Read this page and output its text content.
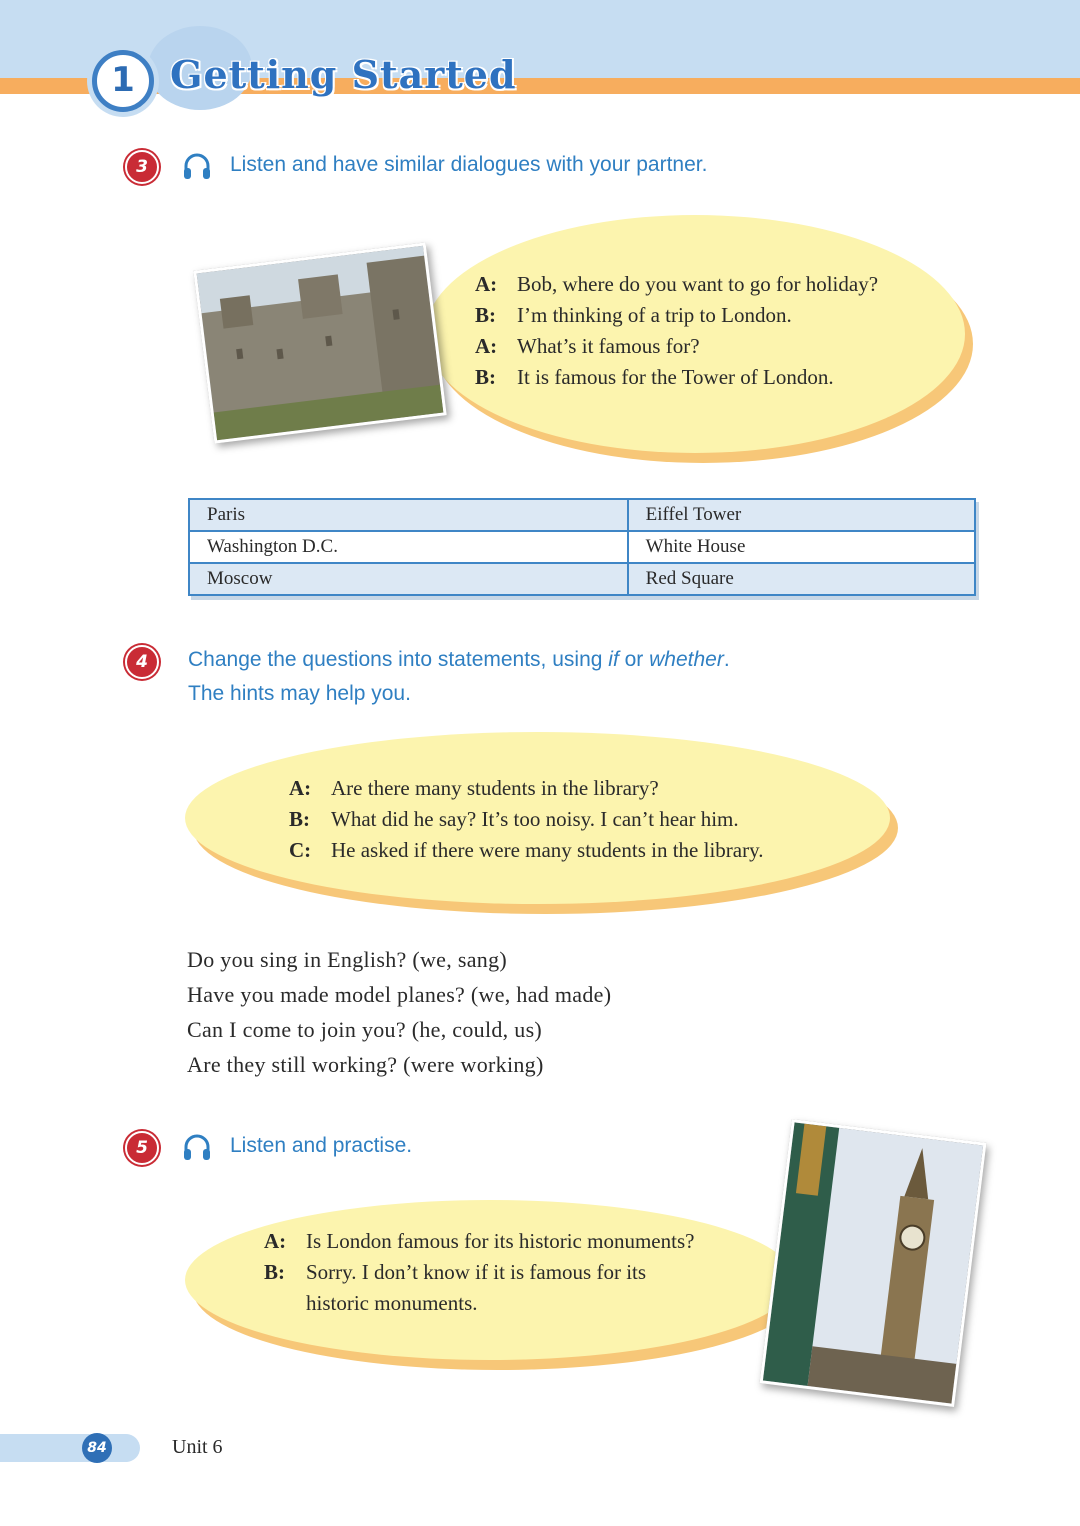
1 Getting Started
3	Listen and have similar dialogues with your partner.
A: Bob, where do you want to go for holiday?
B:	I’m thinking of a trip to London.
A: What’s it famous for?
B:	It is famous for the Tower of London.
Paris	Eiffel Tower
Washington D.C.	White House
Moscow	Red Square
4	Change the questions into statements, using if or whether.
The hints may help you.
A: Are there many students in the library?
B:	What did he say? It’s too noisy. I can’t hear him.
C: He asked if there were many students in the library.
Do you sing in English? (we, sang)
Have you made model planes? (we, had made)
Can I come to join you? (he, could, us)
Are they still working? (were working)
5	Listen and practise.
A: Is London famous for its historic monuments?
B:	Sorry. I don’t know if it is famous for its
historic monuments.
84	Unit 6
